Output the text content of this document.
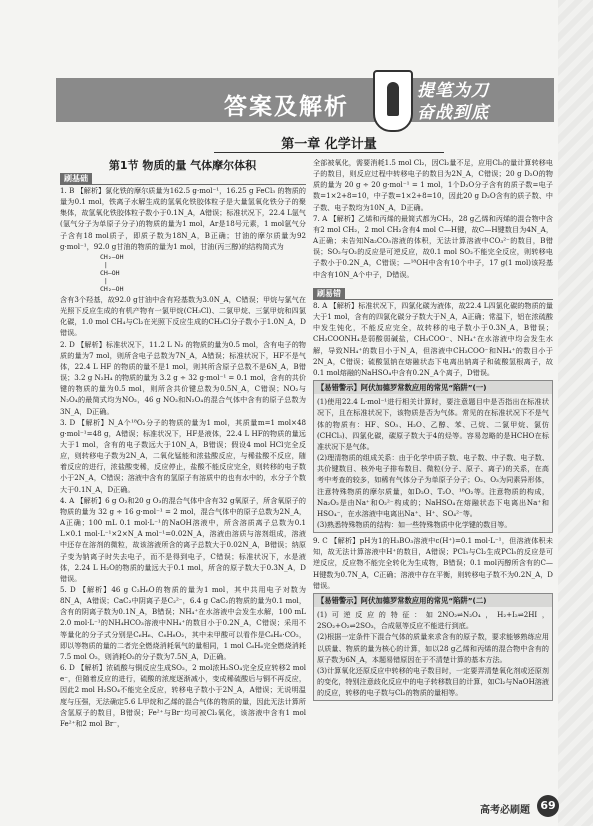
答案及解析
提笔为刀
奋战到底
第一章 化学计量
第1节 物质的量 气体摩尔体积
刷基础

1. B 【解析】氯化铁的摩尔质量为162.5 g·mol⁻¹，16.25 g FeCl₃ 的物质的量为0.1 mol，铁离子水解生成的氢氧化铁胶体粒子是大量氢氧化铁分子的聚集体，故氢氧化铁胶体粒子数小于0.1N_A，A错误；标准状况下，22.4 L氩气(氩气分子为单原子分子)的物质的量为1 mol，Ar是18号元素，1 mol氩气分子含有18 mol质子，即质子数为18N_A，B正确；甘油的摩尔质量为92 g·mol⁻¹，92.0 g甘油的物质的量为1 mol，甘油(丙三醇)的结构简式为

CH₂—OH
|
CH—OH
|
CH₂—OH

含有3个羟基，故92.0 g甘油中含有羟基数为3.0N_A，C错误；甲烷与氯气在光照下反应生成的有机产物有一氯甲烷(CH₃Cl)、二氯甲烷、三氯甲烷和四氯化碳，1.0 mol CH₄与Cl₂在光照下反应生成的CH₃Cl分子数小于1.0N_A，D错误。

2. D 【解析】标准状况下，11.2 L N₂ 的物质的量为0.5 mol，含有电子的物质的量为7 mol，则所含电子总数为7N_A，A错误；标准状况下，HF不是气体，22.4 L HF 的物质的量不是1 mol，则其所含原子总数不是6N_A，B错误；3.2 g N₂H₄ 的物质的量为 3.2 g ÷ 32 g·mol⁻¹ = 0.1 mol，含有的共价键的物质的量为0.5 mol，则所含共价键总数为0.5N_A，C错误；NO₂与N₂O₄的最简式均为NO₂，46 g NO₂和N₂O₄的混合气体中含有的原子总数为3N_A，D正确。

3. D 【解析】N_A个¹⁸O₂分子的物质的量为1 mol，其质量m=1 mol×48 g·mol⁻¹=48 g，A错误；标准状况下，HF是液体，22.4 L HF的物质的量远大于1 mol，含有的电子数远大于10N_A，B错误；假设4 mol HCl完全反应，则转移电子数为2N_A，二氧化锰能和浓盐酸反应，与稀盐酸不反应，随着反应的进行，浓盐酸变稀，反应停止，盐酸不能反应完全，则转移的电子数小于2N_A，C错误；溶液中含有的氢原子有溶质中的也有水中的，水分子个数大于0.1N_A，D正确。

4. A 【解析】6 g O₂和20 g O₃的混合气体中含有32 g氧原子，所含氧原子的物质的量为 32 g ÷ 16 g·mol⁻¹ = 2 mol，混合气体中的原子总数为2N_A，A正确；100 mL 0.1 mol·L⁻¹的NaOH溶液中，所含溶质离子总数为0.1 L×0.1 mol·L⁻¹×2×N_A mol⁻¹=0.02N_A，溶液由溶质与溶剂组成，溶液中还存在溶剂的微粒，故该溶液所含的离子总数大于0.02N_A，B错误；纳原子变为钠离子时失去电子，而不是得到电子，C错误；标准状况下，水是液体，2.24 L H₂O的物质的量远大于0.1 mol，所含的原子数大于0.3N_A，D错误。

5. D 【解析】46 g C₂H₆O的物质的量为1 mol，其中共用电子对数为8N_A，A错误；CaC₂中阴离子是C₂²⁻，6.4 g CaC₂的物质的量为0.1 mol，含有的阴离子数为0.1N_A，B错误；NH₄⁺在水溶液中会发生水解，100 mL 2.0 mol·L⁻¹的NH₄HCO₃溶液中NH₄⁺的数目小于0.2N_A，C错误；采用不等量化的分子式分别是C₆H₆、C₈H₈O₂，其中未甲酸可以看作是C₆H₆·CO₂，即以等物质的量的二者完全燃烧消耗氧气的量相同，1 mol C₆H₆完全燃烧消耗7.5 mol O₂，则消耗O₂的分子数为7.5N_A，D正确。

6. D 【解析】浓硫酸与铜反应生成SO₂，2 mol浓H₂SO₄完全反应转移2 mol e⁻，但随着反应的进行，硫酸的浓度逐渐减小，变成稀硫酸后与铜不再反应，因此2 mol H₂SO₄不能完全反应，转移电子数小于2N_A，A错误；无说明温度与压强，无法确定5.6 L甲烷和乙烯的混合气体的物质的量，因此无法计算所含氢原子的数目，B错误；Fe²⁺与Br⁻均可被Cl₂氧化，该溶液中含有1 mol Fe²⁺和2 mol Br⁻，

全部被氧化，需要消耗1.5 mol Cl₂，因Cl₂量不足，应用Cl₂的量计算转移电子的数目，则反应过程中转移电子的数目为2N_A，C错误；20 g D₂O的物质的量为 20 g ÷ 20 g·mol⁻¹ = 1 mol，1个D₂O分子含有的质子数=电子数=1×2+8=10，中子数=1×2+8=10，因此20 g D₂O含有的质子数、中子数、电子数均为10N_A，D正确。

7. A 【解析】乙烯和丙烯的最简式都为CH₂，28 g乙烯和丙烯的混合物中含有2 mol CH₂，2 mol CH₂含有4 mol C—H键，故C—H键数目为4N_A，A正确；未告知Na₂CO₃溶液的体积，无法计算溶液中CO₃²⁻的数目，B错误；SO₂与O₂的反应是可逆反应，故0.1 mol SO₂不能完全反应，则转移电子数小于0.2N_A，C错误；—¹⁸OH中含有10个中子，17 g(1 mol)该羟基中含有10N_A个中子，D错误。

刷易错

8. A 【解析】标准状况下，四氯化碳为液体，故22.4 L四氯化碳的物质的量大于1 mol，含有的四氯化碳分子数大于N_A，A正确；常温下，铝在浓硫酸中发生钝化，不能反应完全，故转移的电子数小于0.3N_A，B错误；CH₃COONH₄是弱酸弱碱盐，CH₃COO⁻、NH₄⁺在水溶液中均会发生水解，导致NH₄⁺的数目小于N_A，但溶液中CH₃COO⁻和NH₄⁺的数目小于2N_A，C错误；硫酸氢钠在熔融状态下电离出钠离子和硫酸氢根离子，故0.1 mol熔融的NaHSO₄中含有0.2N_A个离子，D错误。

【易错警示】阿伏加德罗常数应用的常见“陷阱”(一)

(1)使用22.4 L·mol⁻¹进行相关计算时，要注意题目中是否指出在标准状况下，且在标准状况下，该物质是否为气体。常见的在标准状况下不是气体的物质有：HF、SO₃、H₂O、乙醇、苯、己烷、二氯甲烷、氯仿(CHCl₃)、四氯化碳，碳原子数大于4的烃等。容易忽略的是HCHO在标准状况下是气体。

(2)理清物质的组成关系：由于化学中质子数、电子数、中子数、电子数、共价键数目、核外电子排布数目、微粒(分子、原子、离子)的关系，在高考中考查的较多，如稀有气体分子为单原子分子；O₂、O₃为同素异形体，注意特殊物质的摩尔质量，如D₂O、T₂O、¹⁸O₂等。注意物质的构成，Na₂O₂是由Na⁺和O₂²⁻构成的；NaHSO₄在熔融状态下电离出Na⁺和HSO₄⁻，在水溶液中电离出Na⁺、H⁺、SO₄²⁻等。

(3)熟悉特殊物质的结构：如一些特殊物质中化学键的数目等。

9. C 【解析】pH为1的H₃BO₃溶液中c(H⁺)=0.1 mol·L⁻¹，但溶液体积未知，故无法计算溶液中H⁺的数目，A错误；PCl₃与Cl₂生成PCl₅的反应是可逆反应，反应物不能完全转化为生成物，B错误；0.1 mol丙醇所含有的C—H键数为0.7N_A，C正确；溶液中存在平衡，则转移电子数不为0.2N_A，D错误。

【易错警示】阿伏加德罗常数应用的常见“陷阱”(二)

(1)可逆反应的特征：如2NO₂⇌N₂O₄，H₂+I₂⇌2HI，2SO₂+O₂⇌2SO₃，合成氨等反应不能进行到底。

(2)根据一定条件下混合气体的质量来求含有的原子数，要求能够熟练应用以质量、物质的量为核心的计算，如以28 g乙烯和丙烯的混合物中含有的原子数为6N_A，本题易错原因在于不清楚计算的基本方法。

(3)计算氧化还原反应中转移的电子数目时，一定要弄清楚氧化剂或还原剂的变化，特别注意歧化反应中的电子转移数目的计算，如Cl₂与NaOH溶液的反应，转移的电子数与Cl₂的物质的量相等。

高考必刷题 69
